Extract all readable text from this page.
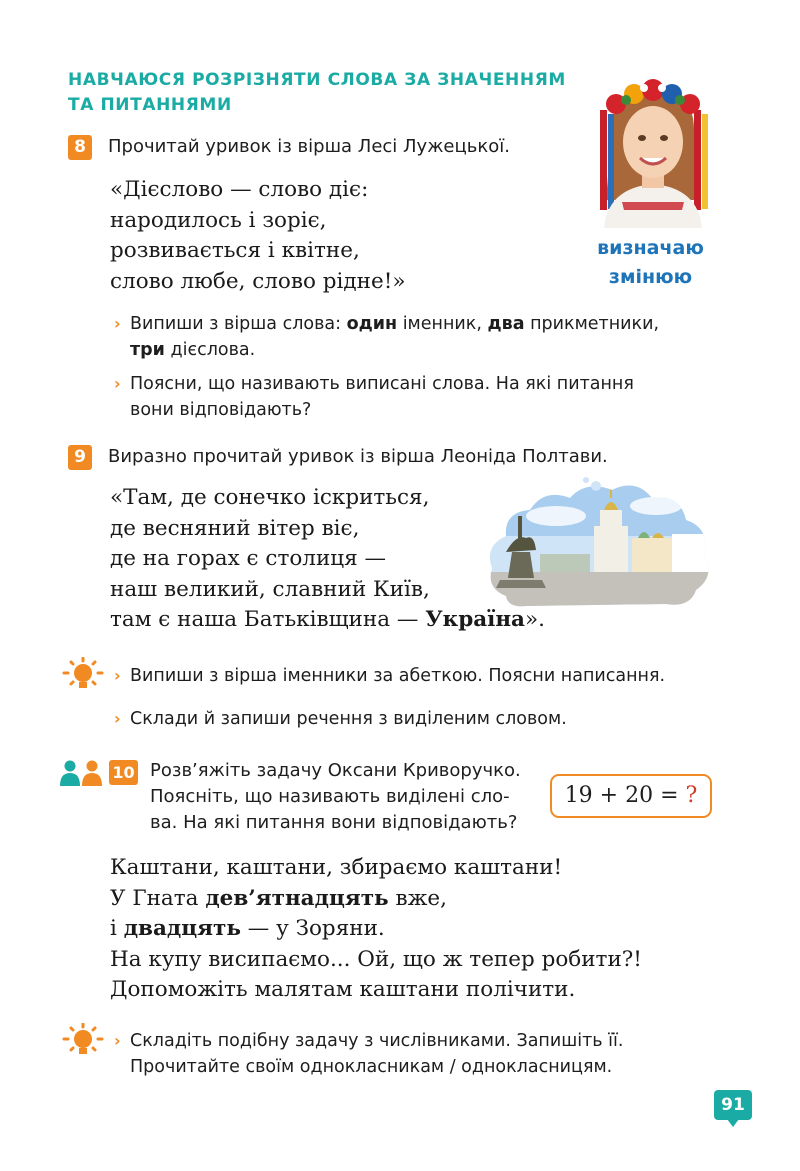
НАВЧАЮСЯ РОЗРІЗНЯТИ СЛОВА ЗА ЗНАЧЕННЯМ
ТА ПИТАННЯМИ
визначаю
змінюю
8	Прочитай уривок із вірша Лесі Лужецької.
«Дієслово — слово діє:
народилось і зоріє,
розвивається і квітне,
слово любе, слово рідне!»
› Випиши з вірша слова: один іменник, два прикметники,
три дієслова.
› Поясни, що називають виписані слова. На які питання
вони відповідають?
9	Виразно прочитай уривок із вірша Леоніда Полтави.
«Там, де сонечко іскриться,
де весняний вітер віє,
де на горах є столиця —
наш великий, славний Київ,
там є наша Батьківщина — Україна».
› Випиши з вірша іменники за абеткою. Поясни написання.
› Склади й запиши речення з виділеним словом.
10 Розв’яжіть задачу Оксани Криворучко.
Поясніть, що називають виділені сло-
ва. На які питання вони відповідають?
19 + 20 = ?
Каштани, каштани, збираємо каштани!
У Гната дев’ятнадцять вже,
і двадцять — у Зоряни.
На купу висипаємо... Ой, що ж тепер робити?!
Допоможіть малятам каштани полічити.
› Складіть подібну задачу з числівниками. Запишіть її.
Прочитайте своїм однокласникам / однокласницям.
91
